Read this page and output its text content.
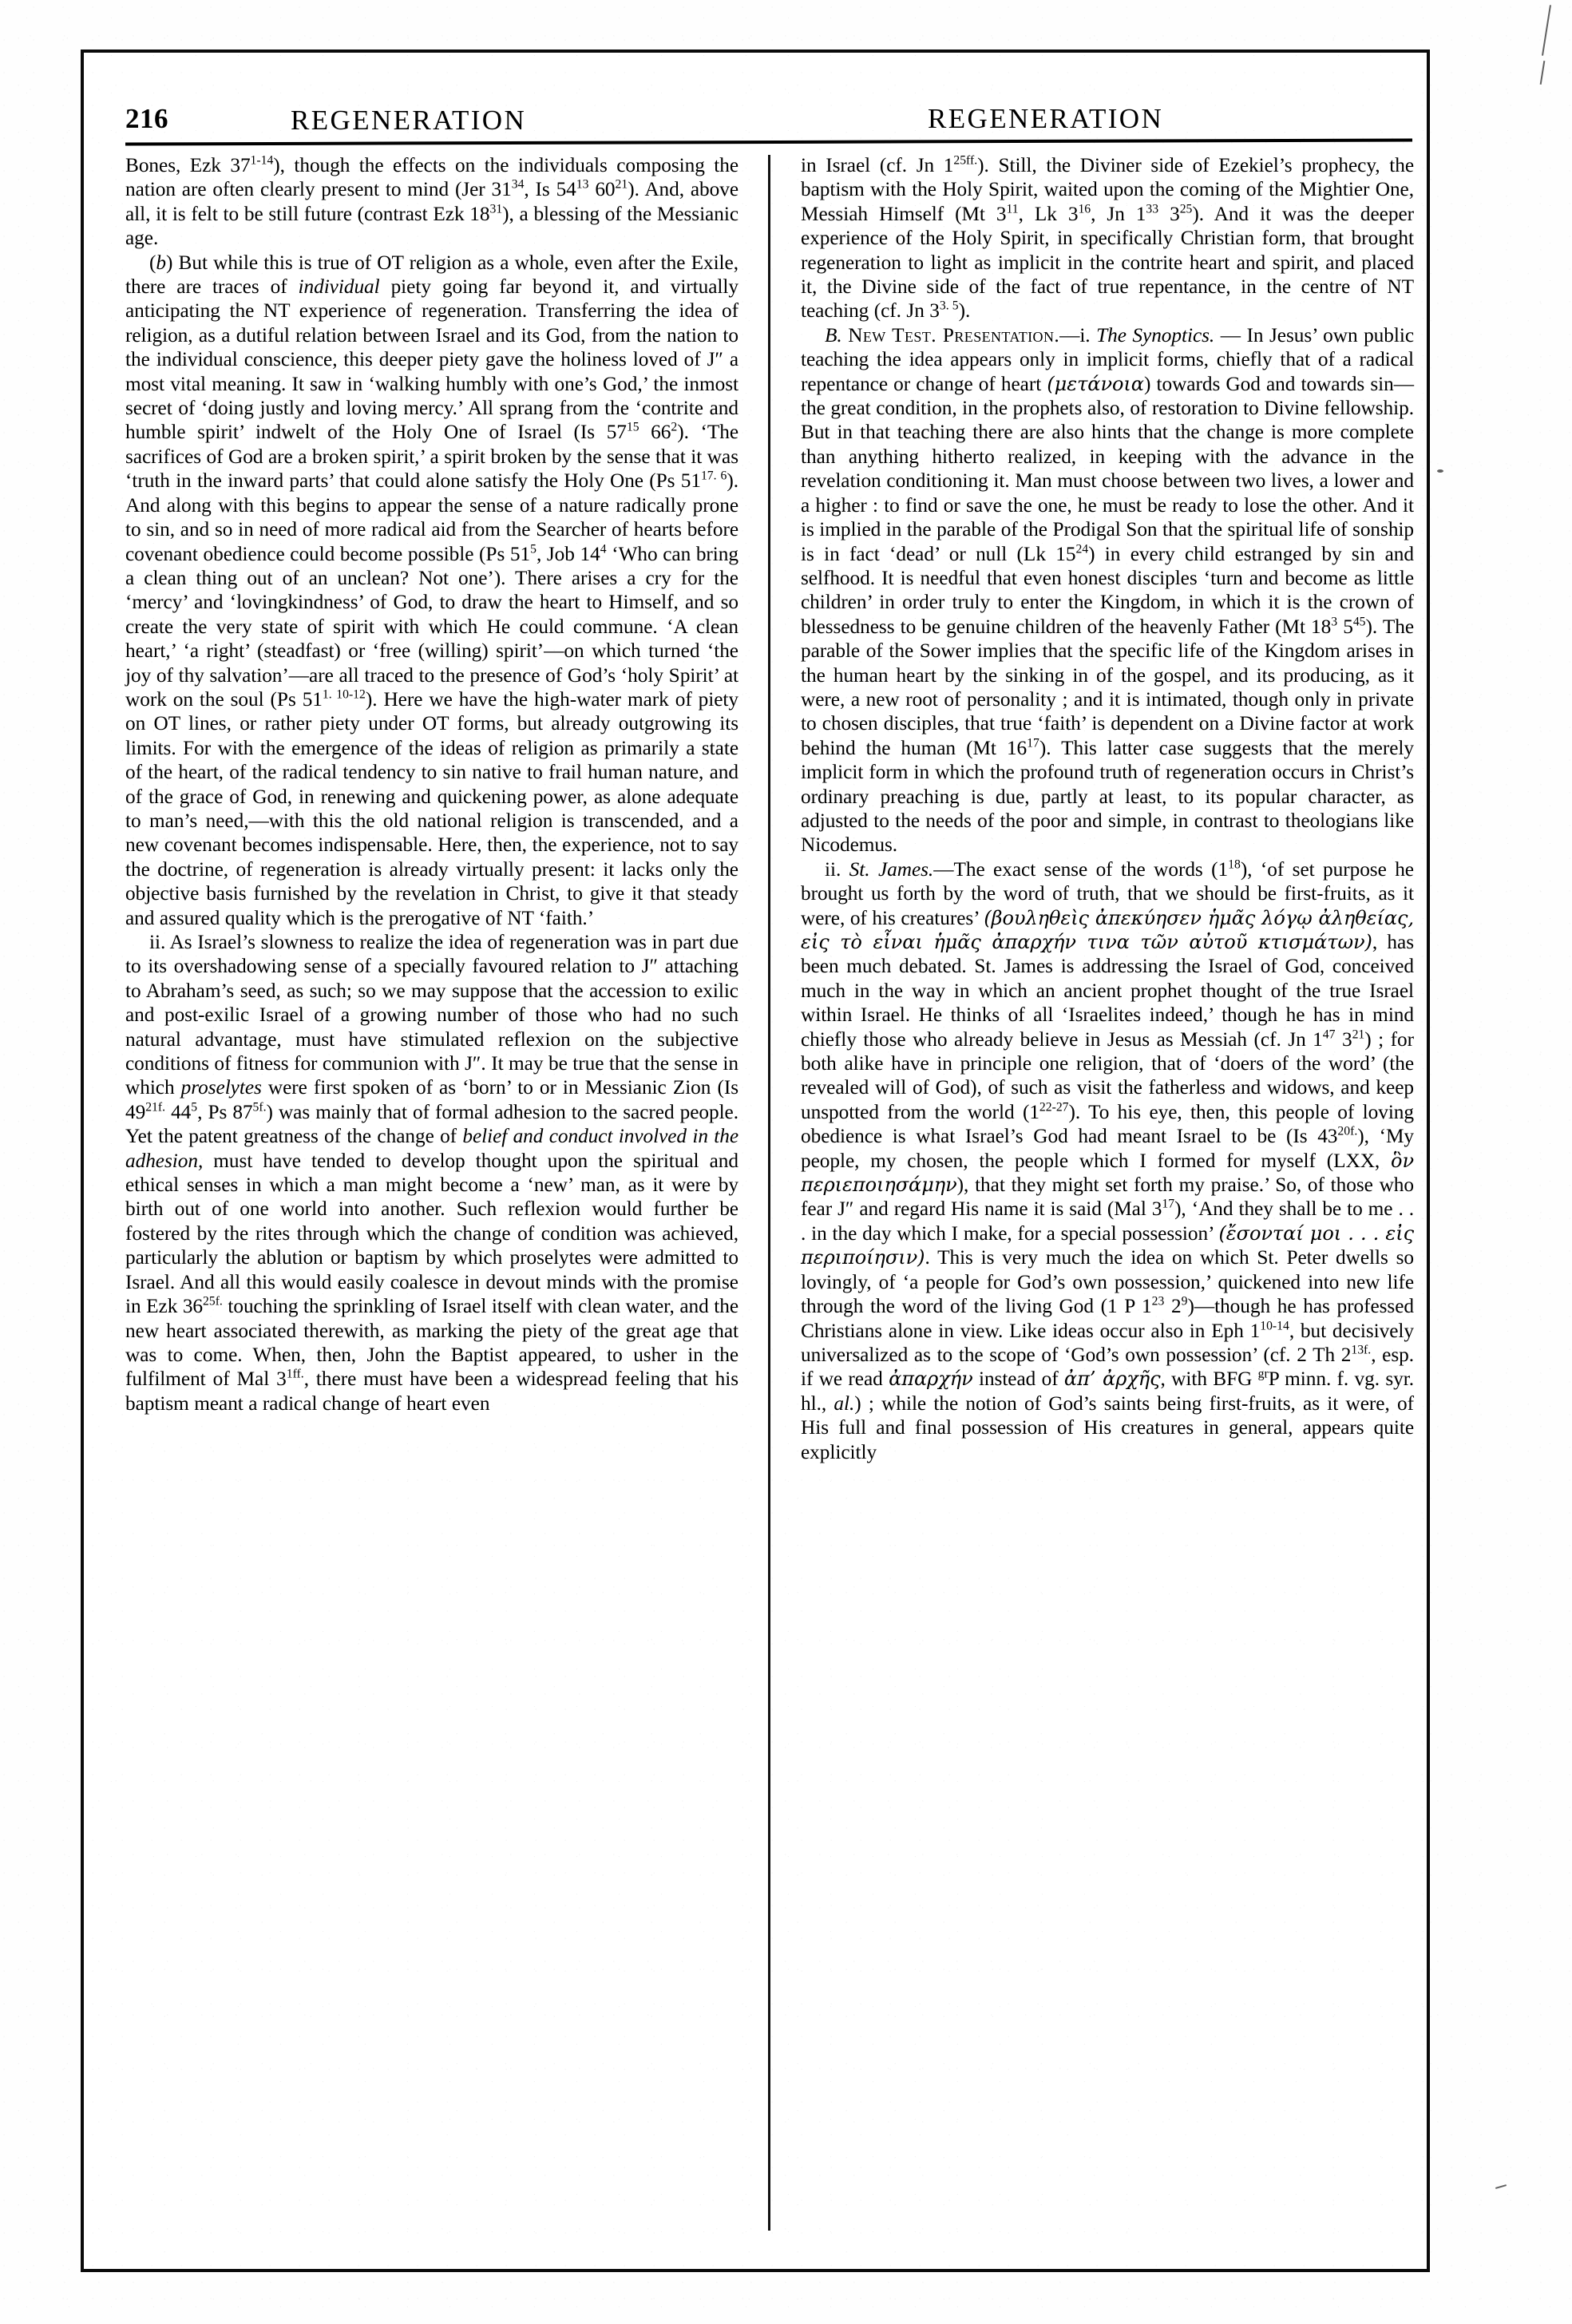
216	REGENERATION	REGENERATION

Bones, Ezk 37$^{1-14}$), though the effects on the individuals composing the nation are often clearly present to mind (Jer $31^{34}$, Is $54^{13}$ $60^{21}$). And, above all, it is felt to be still future (contrast Ezk $18^{31}$), a blessing of the Messianic age.

(b) But while this is true of OT religion as a whole, even after the Exile, there are traces of individual piety going far beyond it, and virtually anticipating the NT experience of regeneration. Transferring the idea of religion, as a dutiful relation between Israel and its God, from the nation to the individual conscience, this deeper piety gave the holiness loved of J″ a most vital meaning. It saw in ‘walking humbly with one’s God,’ the inmost secret of ‘doing justly and loving mercy.’ All sprang from the ‘contrite and humble spirit’ indwelt of the Holy One of Israel (Is $57^{15}$ $66^2$). ‘The sacrifices of God are a broken spirit,’ a spirit broken by the sense that it was ‘truth in the inward parts’ that could alone satisfy the Holy One (Ps $51^{17. 6}$). And along with this begins to appear the sense of a nature radically prone to sin, and so in need of more radical aid from the Searcher of hearts before covenant obedience could become possible (Ps $51^5$, Job $14^4$ ‘Who can bring a clean thing out of an unclean? Not one’). There arises a cry for the ‘mercy’ and ‘lovingkindness’ of God, to draw the heart to Himself, and so create the very state of spirit with which He could commune. ‘A clean heart,’ ‘a right’ (steadfast) or ‘free (willing) spirit’—on which turned ‘the joy of thy salvation’—are all traced to the presence of God’s ‘holy Spirit’ at work on the soul (Ps $51^{1. 10-12}$). Here we have the high-water mark of piety on OT lines, or rather piety under OT forms, but already outgrowing its limits. For with the emergence of the ideas of religion as primarily a state of the heart, of the radical tendency to sin native to frail human nature, and of the grace of God, in renewing and quickening power, as alone adequate to man’s need,—with this the old national religion is transcended, and a new covenant becomes indispensable. Here, then, the experience, not to say the doctrine, of regeneration is already virtually present: it lacks only the objective basis furnished by the revelation in Christ, to give it that steady and assured quality which is the prerogative of NT ‘faith.’

ii. As Israel’s slowness to realize the idea of regeneration was in part due to its overshadowing sense of a specially favoured relation to J″ attaching to Abraham’s seed, as such; so we may suppose that the accession to exilic and post-exilic Israel of a growing number of those who had no such natural advantage, must have stimulated reflexion on the subjective conditions of fitness for communion with J″. It may be true that the sense in which proselytes were first spoken of as ‘born’ to or in Messianic Zion (Is $49^{21f.}$ $44^5$, Ps $87^{5f.}$) was mainly that of formal adhesion to the sacred people. Yet the patent greatness of the change of belief and conduct involved in the adhesion, must have tended to develop thought upon the spiritual and ethical senses in which a man might become a ‘new’ man, as it were by birth out of one world into another. Such reflexion would further be fostered by the rites through which the change of condition was achieved, particularly the ablution or baptism by which proselytes were admitted to Israel. And all this would easily coalesce in devout minds with the promise in Ezk $36^{25f.}$ touching the sprinkling of Israel itself with clean water, and the new heart associated therewith, as marking the piety of the great age that was to come. When, then, John the Baptist appeared, to usher in the fulfilment of Mal $3^{1ff.}$, there must have been a widespread feeling that his baptism meant a radical change of heart even

in Israel (cf. Jn $1^{25ff.}$). Still, the Diviner side of Ezekiel’s prophecy, the baptism with the Holy Spirit, waited upon the coming of the Mightier One, Messiah Himself (Mt $3^{11}$, Lk $3^{16}$, Jn $1^{33}$ $3^{25}$). And it was the deeper experience of the Holy Spirit, in specifically Christian form, that brought regeneration to light as implicit in the contrite heart and spirit, and placed it, the Divine side of the fact of true repentance, in the centre of NT teaching (cf. Jn $3^{3. 5}$).

B. New Test. Presentation.—i. The Synoptics. — In Jesus’ own public teaching the idea appears only in implicit forms, chiefly that of a radical repentance or change of heart (μετάνοια) towards God and towards sin—the great condition, in the prophets also, of restoration to Divine fellowship. But in that teaching there are also hints that the change is more complete than anything hitherto realized, in keeping with the advance in the revelation conditioning it. Man must choose between two lives, a lower and a higher : to find or save the one, he must be ready to lose the other. And it is implied in the parable of the Prodigal Son that the spiritual life of sonship is in fact ‘dead’ or null (Lk $15^{24}$) in every child estranged by sin and selfhood. It is needful that even honest disciples ‘turn and become as little children’ in order truly to enter the Kingdom, in which it is the crown of blessedness to be genuine children of the heavenly Father (Mt $18^3$ $5^{45}$). The parable of the Sower implies that the specific life of the Kingdom arises in the human heart by the sinking in of the gospel, and its producing, as it were, a new root of personality ; and it is intimated, though only in private to chosen disciples, that true ‘faith’ is dependent on a Divine factor at work behind the human (Mt $16^{17}$). This latter case suggests that the merely implicit form in which the profound truth of regeneration occurs in Christ’s ordinary preaching is due, partly at least, to its popular character, as adjusted to the needs of the poor and simple, in contrast to theologians like Nicodemus.

ii. St. James.—The exact sense of the words $(1^{18})$, ‘of set purpose he brought us forth by the word of truth, that we should be first-fruits, as it were, of his creatures’ (βουληθεὶς ἀπεκύησεν ἡμᾶς λόγῳ ἀληθείας, εἰς τὸ εἶναι ἡμᾶς ἀπαρχήν τινα τῶν αὐτοῦ κτισμάτων), has been much debated. St. James is addressing the Israel of God, conceived much in the way in which an ancient prophet thought of the true Israel within Israel. He thinks of all ‘Israelites indeed,’ though he has in mind chiefly those who already believe in Jesus as Messiah (cf. Jn $1^{47}$ $3^{21}$) ; for both alike have in principle one religion, that of ‘doers of the word’ (the revealed will of God), of such as visit the fatherless and widows, and keep unspotted from the world (1$^{22-27}$). To his eye, then, this people of loving obedience is what Israel’s God had meant Israel to be (Is $43^{20f.}$), ‘My people, my chosen, the people which I formed for myself (LXX, ὃν περιεποιησάμην), that they might set forth my praise.’ So, of those who fear J″ and regard His name it is said (Mal $3^{17}$), ‘And they shall be to me . . . in the day which I make, for a special possession’ (ἔσονταί μοι . . . εἰς περιποίησιν). This is very much the idea on which St. Peter dwells so lovingly, of ‘a people for God’s own possession,’ quickened into new life through the word of the living God (1 P $1^{23}$ $2^9)—though$ he has professed Christians alone in view. Like ideas occur also in Eph 1$^{10-14}$, but decisively universalized as to the scope of ‘God’s own possession’ (cf. 2 Th $2^{13f.}$, esp. if we read ἀπαρχήν instead of ἀπ’ ἀρχῆς, with BFG $^{gr}$P minn. f. vg. syr. hl., al.) ; while the notion of God’s saints being first-fruits, as it were, of His full and final possession of His creatures in general, appears quite explicitly
